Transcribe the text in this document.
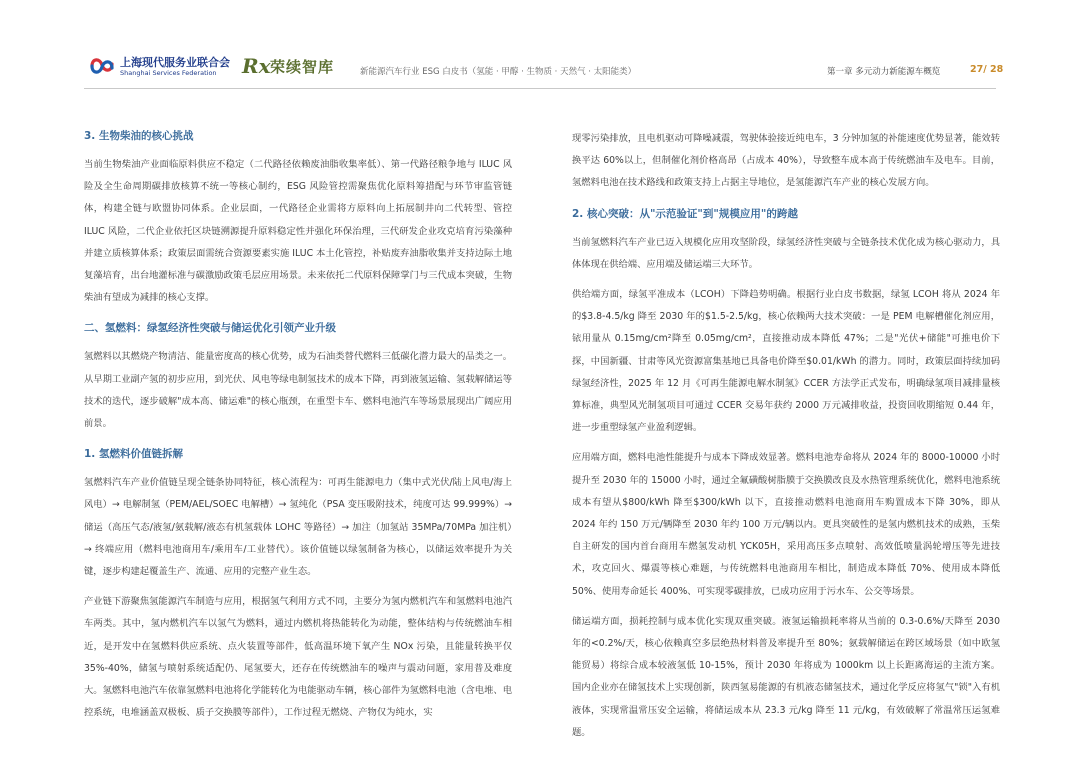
上海现代服务业联合会
Shanghai Services Federation Rx 荣续智库	新能源汽车行业 ESG 白皮书（氢能 · 甲醇 · 生物质 · 天然气 · 太阳能类）	第一章 多元动力新能源车概览	27/ 28

3. 生物柴油的核心挑战

当前生物柴油产业面临原料供应不稳定（二代路径依赖废油脂收集率低）、第一代路径粮争地与 ILUC 风险及全生命周期碳排放核算不统一等核心制约，ESG 风险管控需聚焦优化原料筹措配与环节审监管链体，构建全链与欧盟协同体系。企业层面，一代路径企业需将方原料向上拓展制井向二代转型、管控 ILUC 风险，二代企业依托区块链溯源提升原料稳定性并强化环保治理，三代研发企业攻克培育污染藻种并建立质核算体系；政策层面需统合资源要素实施 ILUC 本土化管控，补贴废弃油脂收集并支持边际土地复藻培育，出台地灌标准与碳激励政策毛层应用场景。未来依托二代原料保障掌门与三代成本突破，生物柴油有望成为减排的核心支撑。

二、氢燃料：绿氢经济性突破与储运优化引领产业升级

氢燃料以其燃烧产物清洁、能量密度高的核心优势，成为石油类替代燃料三低碳化潜力最大的品类之一。从早期工业副产氢的初步应用，到光伏、风电等绿电制氢技术的成本下降，再到液氢运输、氢载解储运等技术的迭代，逐步破解"成本高、储运难"的核心瓶颈，在重型卡车、燃料电池汽车等场景展现出广阔应用前景。

1. 氢燃料价值链拆解

氢燃料汽车产业价值链呈现全链条协同特征，核心流程为：可再生能源电力（集中式光伏/陆上风电/海上风电）→ 电解制氢（PEM/AEL/SOEC 电解槽）→ 氢纯化（PSA 变压吸附技术，纯度可达 99.999%）→ 储运（高压气态/液氢/氨载解/液态有机氢载体 LOHC 等路径）→ 加注（加氢站 35MPa/70MPa 加注机）→ 终端应用（燃料电池商用车/乘用车/工业替代）。该价值链以绿氢制备为核心，以储运效率提升为关键，逐步构建起覆盖生产、流通、应用的完整产业生态。

产业链下游聚焦氢能源汽车制造与应用，根据氢气利用方式不同，主要分为氢内燃机汽车和氢燃料电池汽车两类。其中，氢内燃机汽车以氢气为燃料，通过内燃机将热能转化为动能，整体结构与传统燃油车相近，是开发中在氢燃料供应系统、点火装置等部件，低高温环境下氧产生 NOx 污染，且能量转换平仅 35%-40%，储氢与喷射系统适配仍、尾氢要大，还存在传统燃油车的噪声与震动问题，家用普及难度大。氢燃料电池汽车依靠氢燃料电池将化学能转化为电能驱动车辆，核心部件为氢燃料电池（含电堆、电控系统，电堆涵盖双极板、质子交换膜等部件），工作过程无燃烧、产物仅为纯水，实

现零污染排放，且电机驱动可降噪减震，驾驶体验接近纯电车，3 分钟加氢的补能速度优势显著，能效转换平达 60%以上，但制催化剂价格高昂（占成本 40%），导致整车成本高于传统燃油车及电车。目前，氢燃料电池在技术路线和政策支持上占据主导地位，是氢能源汽车产业的核心发展方向。

2. 核心突破：从"示范验证"到"规模应用"的跨越

当前氢燃料汽车产业已迈入规模化应用攻坚阶段，绿氢经济性突破与全链条技术优化成为核心驱动力，具体体现在供给端、应用端及储运端三大环节。

供给端方面，绿氢平准成本（LCOH）下降趋势明确。根据行业白皮书数据，绿氢 LCOH 将从 2024 年的$3.8-4.5/kg 降至 2030 年的$1.5-2.5/kg，核心依赖两大技术突破：一是 PEM 电解槽催化剂应用，铱用量从 0.15mg/cm²降至 0.05mg/cm²，直接推动成本降低 47%；二是"光伏+储能"可推电价下探，中国新疆、甘肃等风光资源富集基地已具备电价降至$0.01/kWh 的潜力。同时，政策层面持续加码绿氢经济性，2025 年 12 月《可再生能源电解水制氢》CCER 方法学正式发布，明确绿氢项目减排量核算标准，典型风光制氢项目可通过 CCER 交易年获约 2000 万元减排收益，投资回收期缩短 0.44 年，进一步重塑绿氢产业盈利逻辑。

应用端方面，燃料电池性能提升与成本下降成效显著。燃料电池寿命将从 2024 年的 8000-10000 小时提升至 2030 年的 15000 小时，通过全氟磺酸树脂膜于交换膜改良及水热管理系统优化，燃料电池系统成本有望从$800/kWh 降至$300/kWh 以下，直接推动燃料电池商用车购置成本下降 30%，即从 2024 年约 150 万元/辆降至 2030 年约 100 万元/辆以内。更具突破性的是氢内燃机技术的成熟，玉柴自主研发的国内首台商用车燃氢发动机 YCK05H，采用高压多点喷射、高效低喷量涡轮增压等先进技术，攻克回火、爆震等核心难题，与传统燃料电池商用车相比，制造成本降低 70%、使用成本降低 50%、使用寿命延长 400%、可实现零碳排放，已成功应用于污水车、公交等场景。

储运端方面，损耗控制与成本优化实现双重突破。液氢运输损耗率将从当前的 0.3-0.6%/天降至 2030 年的<0.2%/天，核心依赖真空多层绝热材料普及率提升至 80%；氨载解储运在跨区域场景（如中欧氢能贸易）将综合成本较液氢低 10-15%，预计 2030 年将成为 1000km 以上长距离海运的主流方案。国内企业亦在储氢技术上实现创新，陕西氢易能源的有机液态储氢技术，通过化学反应将氢气"锁"入有机液体，实现常温常压安全运输，将储运成本从 23.3 元/kg 降至 11 元/kg，有效破解了常温常压运氢难题。
